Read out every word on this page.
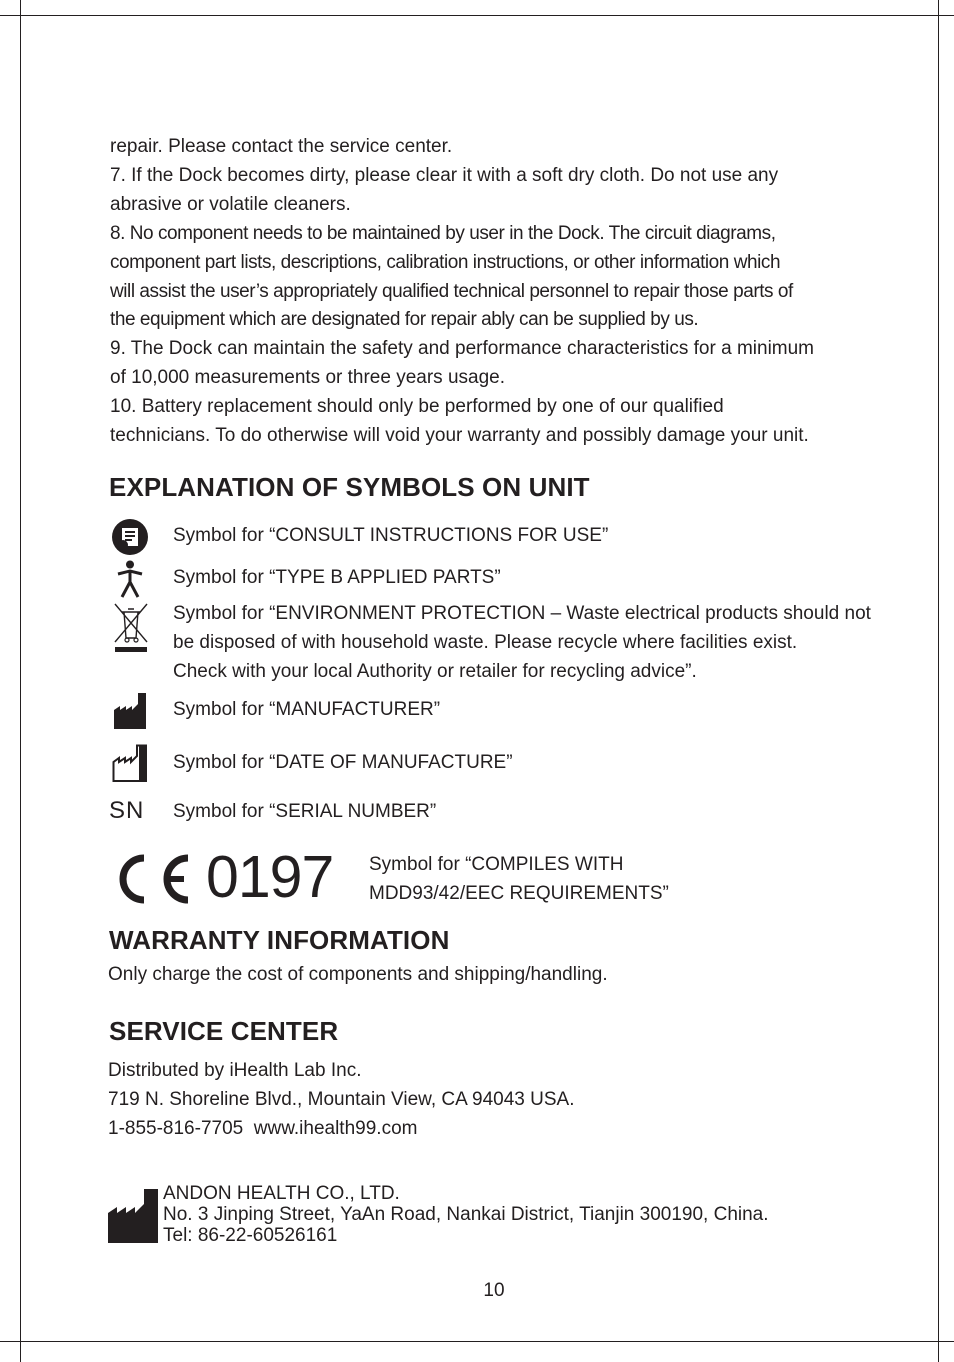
repair. Please contact the service center.
7. If the Dock becomes dirty, please clear it with a soft dry cloth. Do not use any
abrasive or volatile cleaners.
8. No component needs to be maintained by user in the Dock. The circuit diagrams,
component part lists, descriptions, calibration instructions, or other information which
will assist the user’s appropriately qualified technical personnel to repair those parts of
the equipment which are designated for repair ably can be supplied by us.
9. The Dock can maintain the safety and performance characteristics for a minimum
of 10,000 measurements or three years usage.
10. Battery replacement should only be performed by one of our qualified
technicians. To do otherwise will void your warranty and possibly damage your unit.
EXPLANATION OF SYMBOLS ON UNIT
Symbol for “CONSULT INSTRUCTIONS FOR USE”
Symbol for “TYPE B APPLIED PARTS”
Symbol for “ENVIRONMENT PROTECTION – Waste electrical products should not
be disposed of with household waste. Please recycle where facilities exist.
Check with your local Authority or retailer for recycling advice”.
Symbol for “MANUFACTURER”
Symbol for “DATE OF MANUFACTURE”
SN Symbol for “SERIAL NUMBER”
0197 Symbol for “COMPILES WITH
MDD93/42/EEC REQUIREMENTS”
WARRANTY INFORMATION
Only charge the cost of components and shipping/handling.
SERVICE CENTER
Distributed by iHealth Lab Inc.
719 N. Shoreline Blvd., Mountain View, CA 94043 USA.
1-855-816-7705  www.ihealth99.com
ANDON HEALTH CO., LTD.
No. 3 Jinping Street, YaAn Road, Nankai District, Tianjin 300190, China.
Tel: 86-22-60526161
10
